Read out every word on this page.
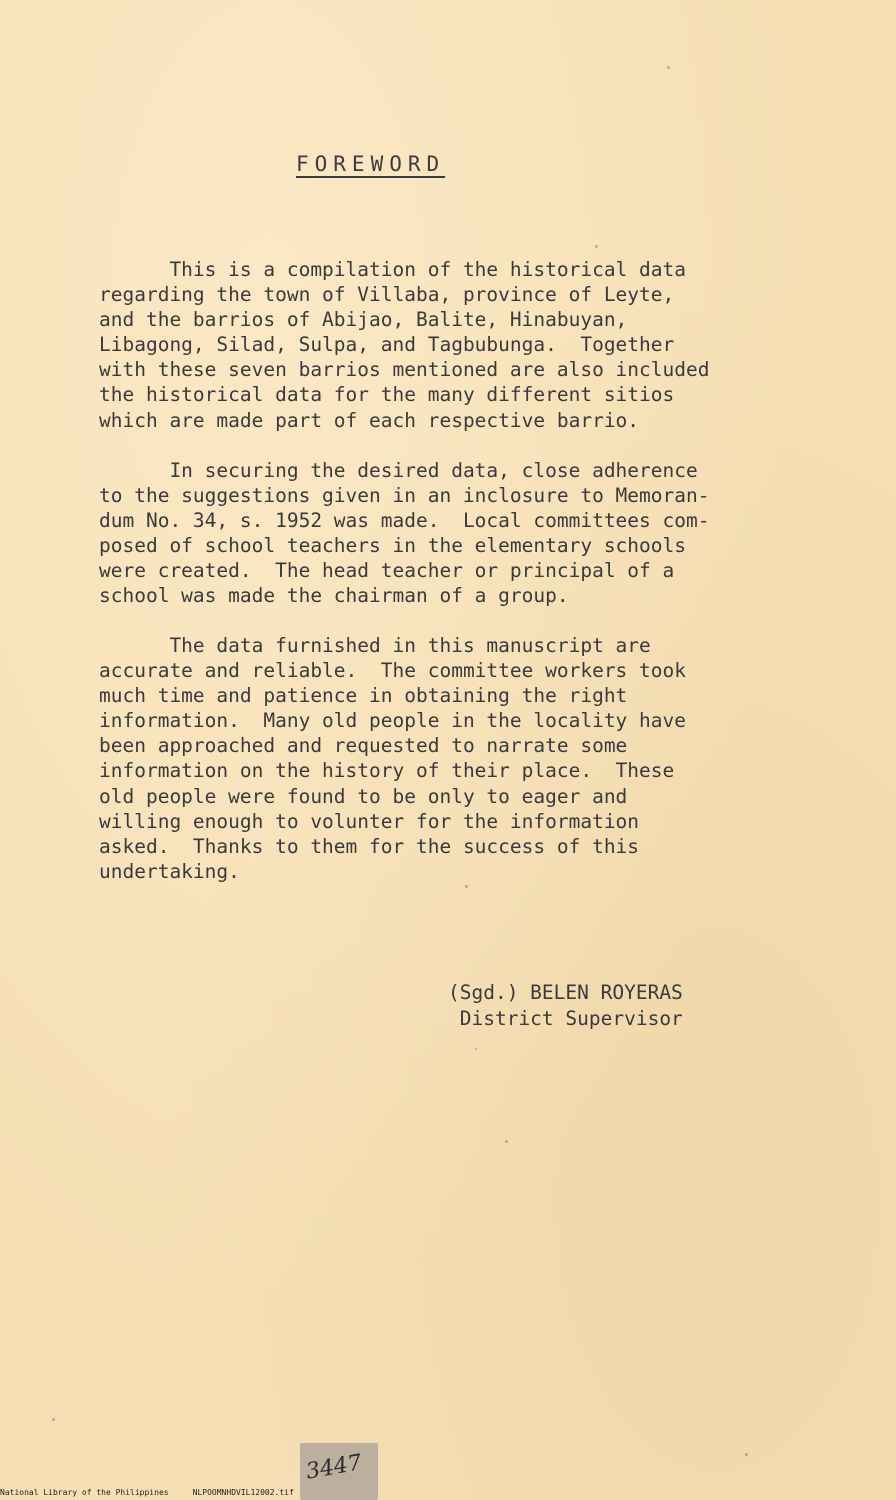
FOREWORD
This is a compilation of the historical data
regarding the town of Villaba, province of Leyte,
and the barrios of Abijao, Balite, Hinabuyan,
Libagong, Silad, Sulpa, and Tagbubunga.  Together
with these seven barrios mentioned are also included
the historical data for the many different sitios
which are made part of each respective barrio.
In securing the desired data, close adherence
to the suggestions given in an inclosure to Memoran-
dum No. 34, s. 1952 was made.  Local committees com-
posed of school teachers in the elementary schools
were created.  The head teacher or principal of a
school was made the chairman of a group.
The data furnished in this manuscript are
accurate and reliable.  The committee workers took
much time and patience in obtaining the right
information.  Many old people in the locality have
been approached and requested to narrate some
information on the history of their place.  These
old people were found to be only to eager and
willing enough to volunter for the information
asked.  Thanks to them for the success of this
undertaking.
(Sgd.) BELEN ROYERAS
District Supervisor
3447
National Library of the Philippines     NLPOOMNHDVIL12002.tif
